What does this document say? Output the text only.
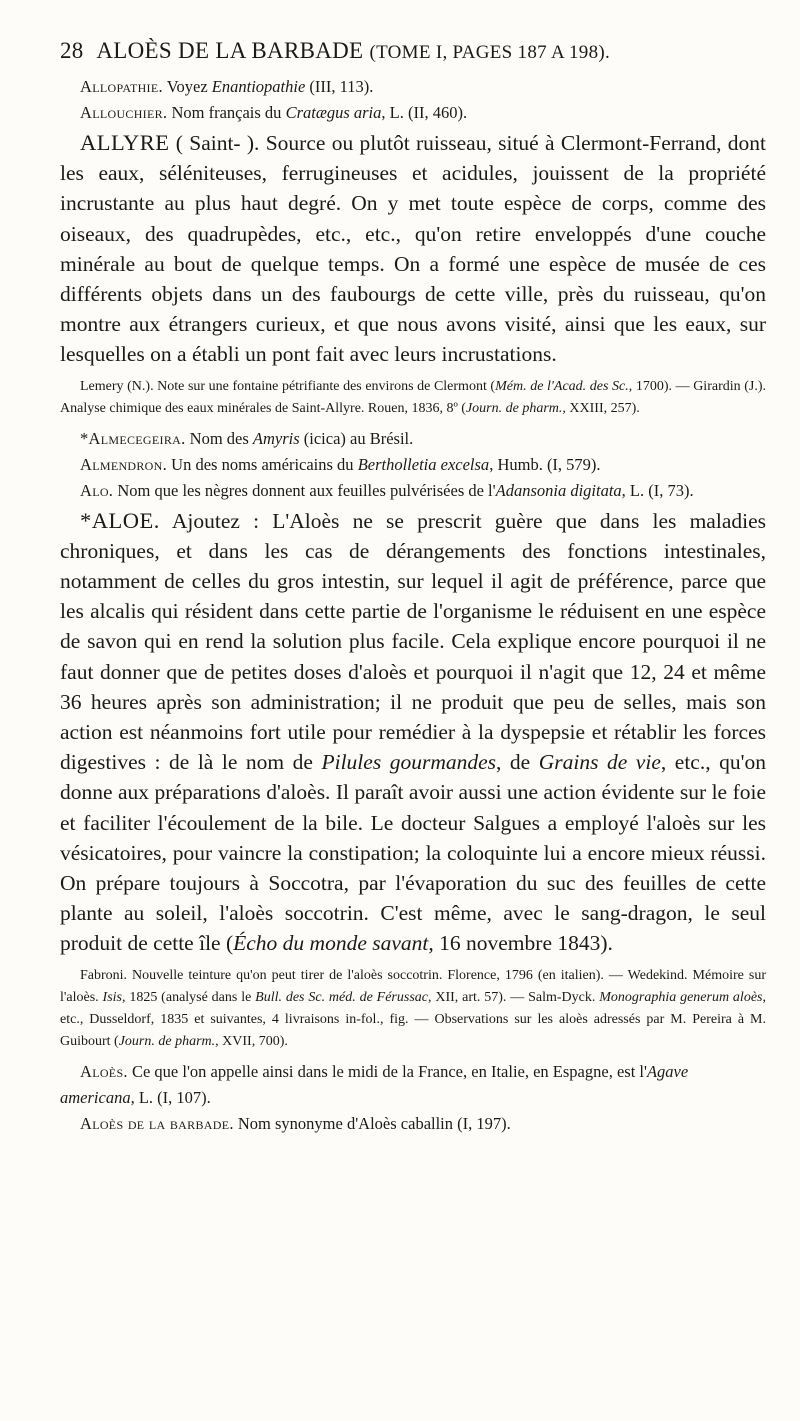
28 ALOÈS DE LA BARBADE (TOME I, PAGES 187 A 198).

Allopathie. Voyez Enantiopathie (III, 113).

Allouchier. Nom français du Cratægus aria, L. (II, 460).

ALLYRE ( Saint- ). Source ou plutôt ruisseau, situé à Clermont-Ferrand, dont les eaux, séléniteuses, ferrugineuses et acidules, jouissent de la propriété incrustante au plus haut degré. On y met toute espèce de corps, comme des oiseaux, des quadrupèdes, etc., etc., qu'on retire enveloppés d'une couche minérale au bout de quelque temps. On a formé une espèce de musée de ces différents objets dans un des faubourgs de cette ville, près du ruisseau, qu'on montre aux étrangers curieux, et que nous avons visité, ainsi que les eaux, sur lesquelles on a établi un pont fait avec leurs incrustations.

Lemery (N.). Note sur une fontaine pétrifiante des environs de Clermont (Mém. de l'Acad. des Sc., 1700). — Girardin (J.). Analyse chimique des eaux minérales de Saint-Allyre. Rouen, 1836, 8º (Journ. de pharm., XXIII, 257).

*Almecegeira. Nom des Amyris (icica) au Brésil.

Almendron. Un des noms américains du Bertholletia excelsa, Humb. (I, 579).

Alo. Nom que les nègres donnent aux feuilles pulvérisées de l'Adansonia digitata, L. (I, 73).

*ALOE. Ajoutez : L'Aloès ne se prescrit guère que dans les maladies chroniques, et dans les cas de dérangements des fonctions intestinales, notamment de celles du gros intestin, sur lequel il agit de préférence, parce que les alcalis qui résident dans cette partie de l'organisme le réduisent en une espèce de savon qui en rend la solution plus facile. Cela explique encore pourquoi il ne faut donner que de petites doses d'aloès et pourquoi il n'agit que 12, 24 et même 36 heures après son administration; il ne produit que peu de selles, mais son action est néanmoins fort utile pour remédier à la dyspepsie et rétablir les forces digestives : de là le nom de Pilules gourmandes, de Grains de vie, etc., qu'on donne aux préparations d'aloès. Il paraît avoir aussi une action évidente sur le foie et faciliter l'écoulement de la bile. Le docteur Salgues a employé l'aloès sur les vésicatoires, pour vaincre la constipation; la coloquinte lui a encore mieux réussi. On prépare toujours à Soccotra, par l'évaporation du suc des feuilles de cette plante au soleil, l'aloès soccotrin. C'est même, avec le sang-dragon, le seul produit de cette île (Écho du monde savant, 16 novembre 1843).

Fabroni. Nouvelle teinture qu'on peut tirer de l'aloès soccotrin. Florence, 1796 (en italien). — Wedekind. Mémoire sur l'aloès. Isis, 1825 (analysé dans le Bull. des Sc. méd. de Férussac, XII, art. 57). — Salm-Dyck. Monographia generum aloès, etc., Dusseldorf, 1835 et suivantes, 4 livraisons in-fol., fig. — Observations sur les aloès adressés par M. Pereira à M. Guibourt (Journ. de pharm., XVII, 700).

Aloès. Ce que l'on appelle ainsi dans le midi de la France, en Italie, en Espagne, est l'Agave americana, L. (I, 107).

Aloès de la barbade. Nom synonyme d'Aloès caballin (I, 197).
